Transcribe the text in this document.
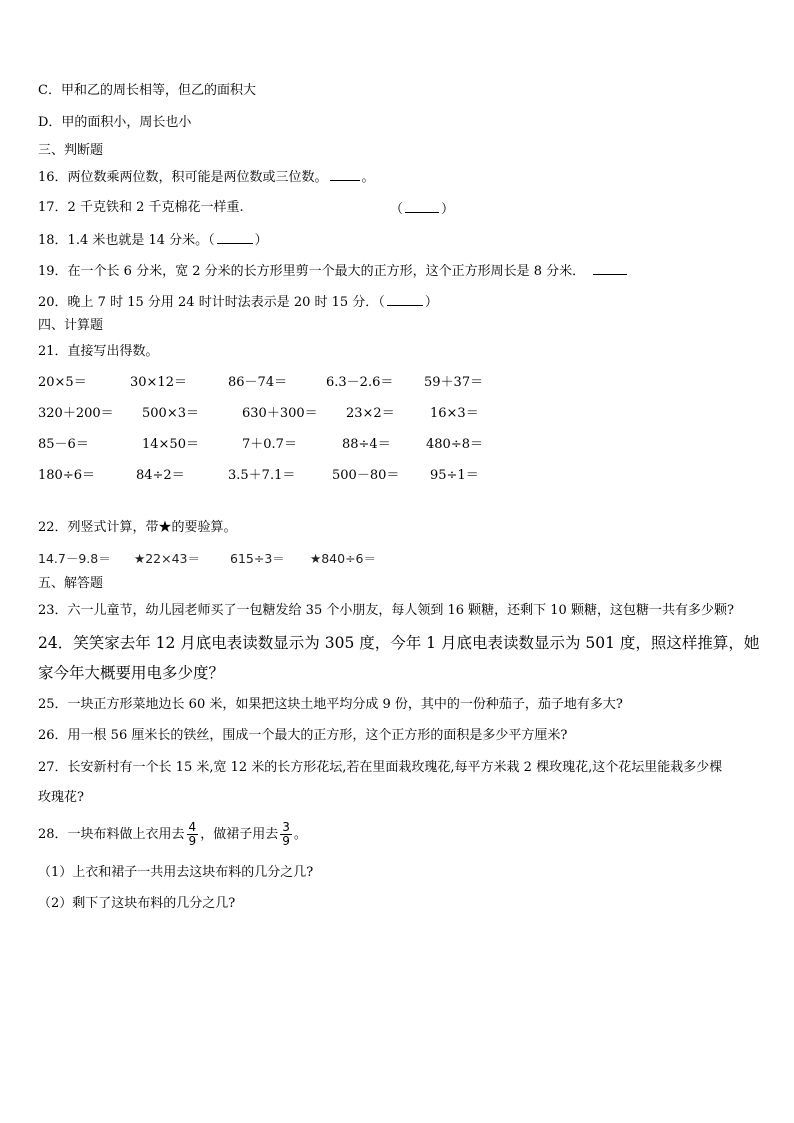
C．甲和乙的周长相等，但乙的面积大
D．甲的面积小，周长也小
三、判断题
16．两位数乘两位数，积可能是两位数或三位数。	。
17．2 千克铁和 2 千克棉花一样重.	（	）
18．1.4 米也就是 14 分米。（	）
19．在一个长 6 分米，宽 2 分米的长方形里剪一个最大的正方形，这个正方形周长是 8 分米．
20．晚上 7 时 15 分用 24 时计时法表示是 20 时 15 分．（	）
四、计算题
21．直接写出得数。
20×5＝	30×12＝	86－74＝	6.3－2.6＝ 59＋37＝
320＋200＝ 500×3＝	630＋300＝ 23×2＝	16×3＝
85－6＝	14×50＝	7＋0.7＝	88÷4＝	480÷8＝
180÷6＝	84÷2＝	3.5＋7.1＝	500－80＝ 95÷1＝
22．列竖式计算，带★的要验算。
14.7－9.8＝ ★22×43＝ 615÷3＝ ★840÷6＝
五、解答题
23．六一儿童节，幼儿园老师买了一包糖发给 35 个小朋友，每人领到 16 颗糖，还剩下 10 颗糖，这包糖一共有多少颗?
24．笑笑家去年 12 月底电表读数显示为 305 度，今年 1 月底电表读数显示为 501 度，照这样推算，她
家今年大概要用电多少度？
25．一块正方形菜地边长 60 米，如果把这块土地平均分成 9 份，其中的一份种茄子，茄子地有多大?
26．用一根 56 厘米长的铁丝，围成一个最大的正方形，这个正方形的面积是多少平方厘米?
27．长安新村有一个长 15 米,宽 12 米的长方形花坛,若在里面栽玫瑰花,每平方米栽 2 棵玫瑰花,这个花坛里能栽多少棵
玫瑰花?
28．一块布料做上衣用去 $\frac{4}{9}$ ，做裙子用去 $\frac{3}{9}$ 。
（1）上衣和裙子一共用去这块布料的几分之几?
（2）剩下了这块布料的几分之几?
